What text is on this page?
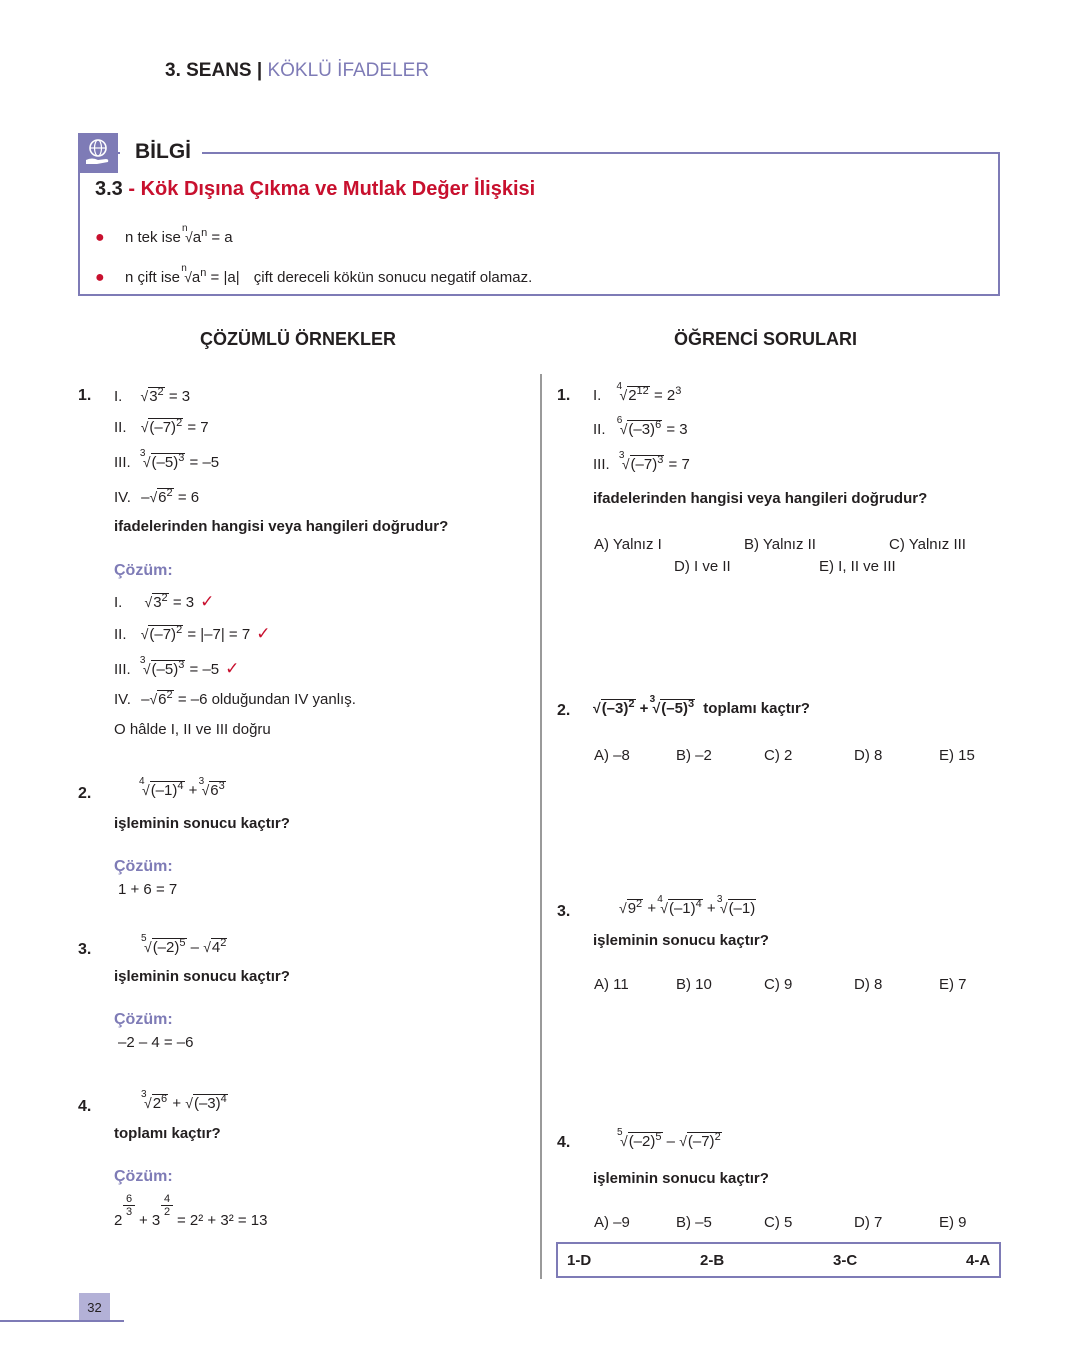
3. SEANS | KÖKLÜ İFADELER
BİLGİ
3.3 - Kök Dışına Çıkma ve Mutlak Değer İlişkisi
● n tek ise
n
$√a^n = a$
● n çift ise
n
$√a^n = |a|$ çift dereceli kökün sonucu negatif olamaz.
ÇÖZÜMLÜ ÖRNEKLER	ÖĞRENCİ SORULARI
1. I. $√3^2 = 3$
II. $√(-7)^2 = 7$
III.
3
$√(-5)^3 = -5$
IV. $-√6^2 = 6$
ifadelerinden hangisi veya hangileri doğrudur?
Çözüm:
I. $√3^2 = 3$ ✓
II. $√(-7)^2 = |-7| = 7$ ✓
III.
3
$√(-5)^3 = -5$ ✓
IV. $-√6^2 = -6$ olduğundan IV yanlış.
O hâlde I, II ve III doğru
2.
4
$√(-1)^4$ +
3
$√6^3$
işleminin sonucu kaçtır?
Çözüm:
1 + 6 = 7
3.
5
$√(-2)^5 - √4^2$
işleminin sonucu kaçtır?
Çözüm:
–2 – 4 = –6
4.
3
$√2^6 + √(-3)^4$
toplamı kaçtır?
Çözüm:
2
6
3 + 3
4
2 = 2² + 3² = 13
1. I.
4
$√2^{12} = 2^3$
II.
6
$√(-3)^6 = 3$
III.
3
$√(-7)^3 = 7$
ifadelerinden hangisi veya hangileri doğrudur?
A) Yalnız I	B) Yalnız II	C) Yalnız III
D) I ve II	E) I, II ve III
2. $√(-3)^2$ +
3
$√(-5)^3$ toplamı kaçtır?
A) –8	B) –2	C) 2	D) 8	E) 15
3.	$√9^2$ +
4
$√(-1)^4$ +
3
√(–1)
işleminin sonucu kaçtır?
A) 11	B) 10	C) 9	D) 8	E) 7
4.
5
$√(-2)^5 - √(-7)^2$
işleminin sonucu kaçtır?
A) –9	B) –5	C) 5	D) 7	E) 9
1-D	2-B	3-C	4-A
32
